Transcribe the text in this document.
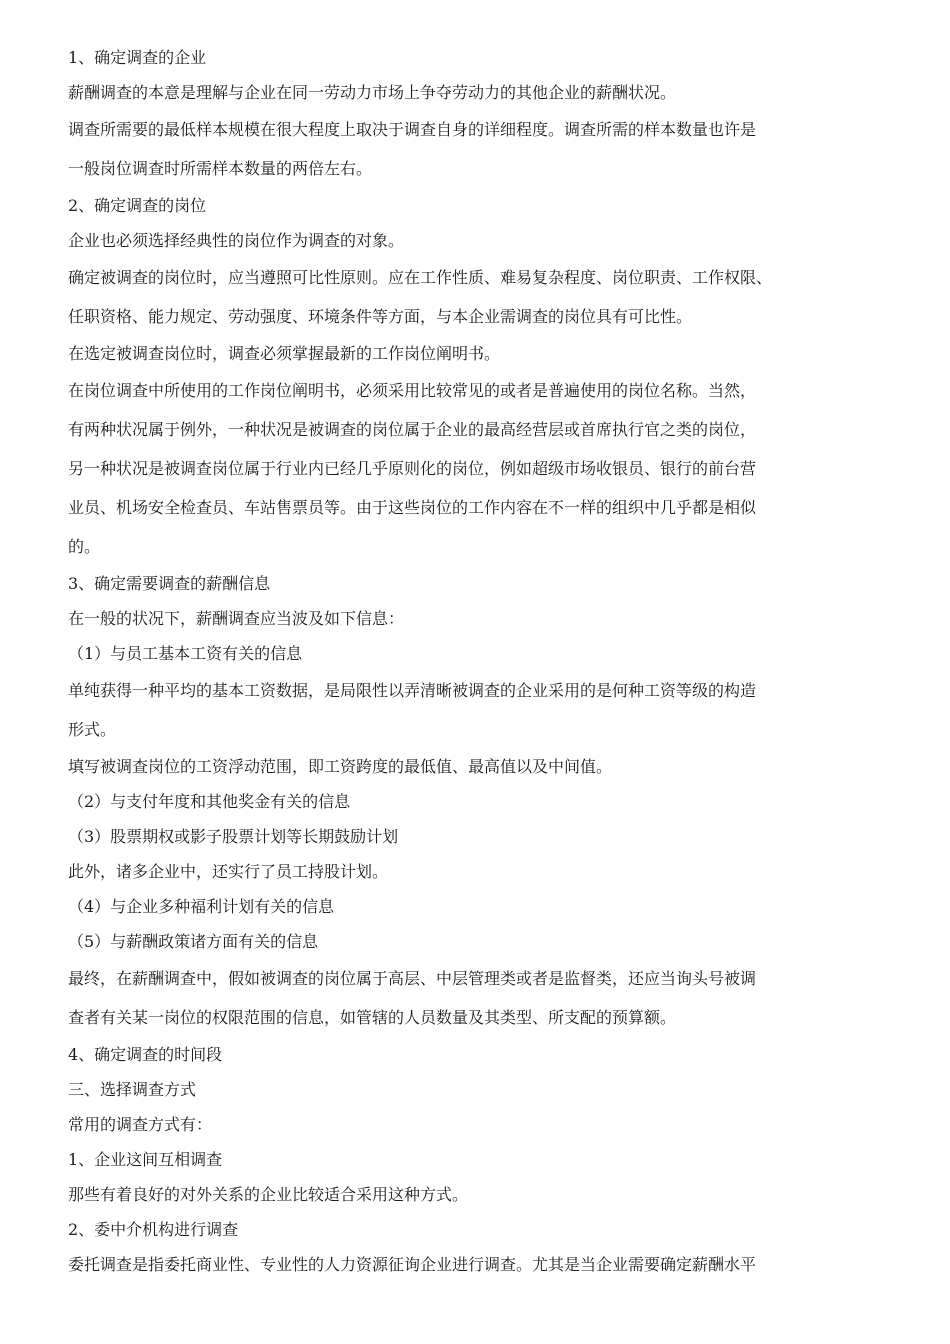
1、确定调查的企业
薪酬调查的本意是理解与企业在同一劳动力市场上争夺劳动力的其他企业的薪酬状况。
调查所需要的最低样本规模在很大程度上取决于调查自身的详细程度。调查所需的样本数量也许是
一般岗位调查时所需样本数量的两倍左右。
2、确定调查的岗位
企业也必须选择经典性的岗位作为调查的对象。
确定被调查的岗位时，应当遵照可比性原则。应在工作性质、难易复杂程度、岗位职责、工作权限、
任职资格、能力规定、劳动强度、环境条件等方面，与本企业需调查的岗位具有可比性。
在选定被调查岗位时，调查必须掌握最新的工作岗位阐明书。
在岗位调查中所使用的工作岗位阐明书，必须采用比较常见的或者是普遍使用的岗位名称。当然，
有两种状况属于例外，一种状况是被调查的岗位属于企业的最高经营层或首席执行官之类的岗位，
另一种状况是被调查岗位属于行业内已经几乎原则化的岗位，例如超级市场收银员、银行的前台营
业员、机场安全检查员、车站售票员等。由于这些岗位的工作内容在不一样的组织中几乎都是相似
的。
3、确定需要调查的薪酬信息
在一般的状况下，薪酬调查应当波及如下信息：
（1）与员工基本工资有关的信息
单纯获得一种平均的基本工资数据，是局限性以弄清晰被调查的企业采用的是何种工资等级的构造
形式。
填写被调查岗位的工资浮动范围，即工资跨度的最低值、最高值以及中间值。
（2）与支付年度和其他奖金有关的信息
（3）股票期权或影子股票计划等长期鼓励计划
此外，诸多企业中，还实行了员工持股计划。
（4）与企业多种福利计划有关的信息
（5）与薪酬政策诸方面有关的信息
最终，在薪酬调查中，假如被调查的岗位属于高层、中层管理类或者是监督类，还应当询头号被调
查者有关某一岗位的权限范围的信息，如管辖的人员数量及其类型、所支配的预算额。
4、确定调查的时间段
三、选择调查方式
常用的调查方式有：
1、企业这间互相调查
那些有着良好的对外关系的企业比较适合采用这种方式。
2、委中介机构进行调查
委托调查是指委托商业性、专业性的人力资源征询企业进行调查。尤其是当企业需要确定薪酬水平
